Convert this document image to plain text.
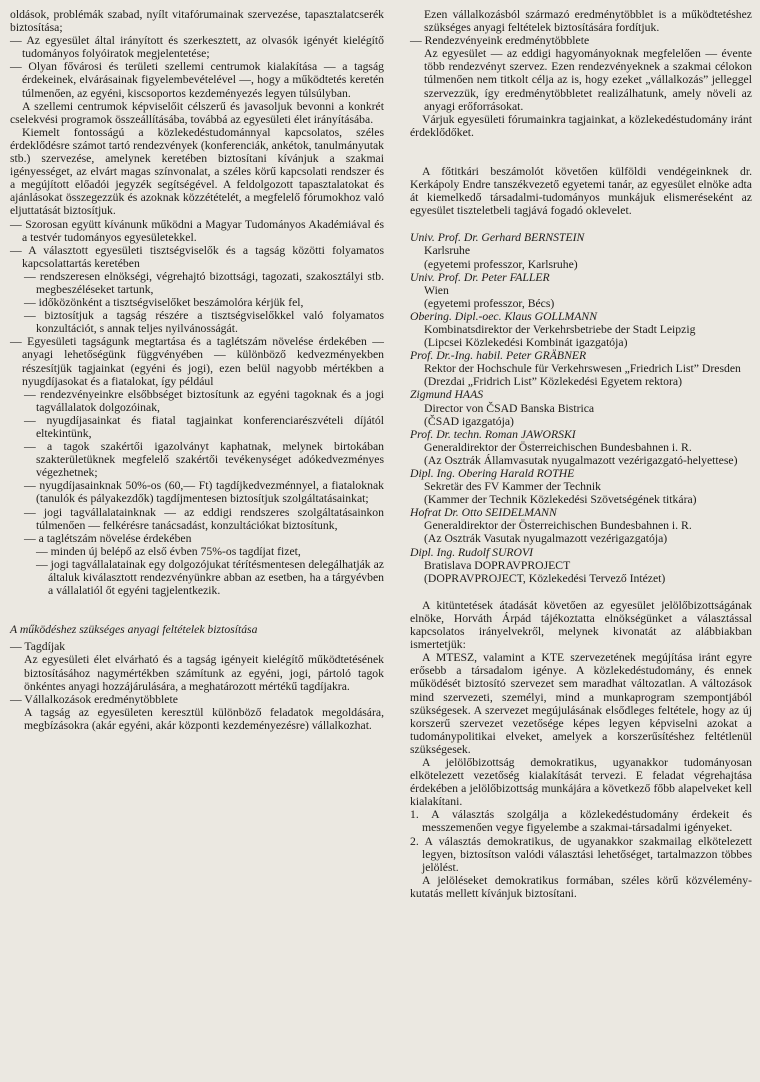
oldások, problémák szabad, nyílt vitafórumainak szervezése, tapasztalatcserék biztosítása;

— Az egyesület által irányított és szerkesztett, az olvasók igényét kielégítő tudományos folyóiratok megjelentetése;

— Olyan fővárosi és területi szellemi centrumok kialakítása — a tagság érdekeinek, elvárásainak figyelembevételével —, hogy a működtetés keretén túlmenően, az egyéni, kiscsoportos kezdeményezés legyen túlsúlyban.

A szellemi centrumok képviselőit célszerű és javasoljuk bevonni a konkrét cselekvési programok összeállításába, továbbá az egyesületi élet irányításába.

Kiemelt fontosságú a közlekedéstudománnyal kapcsolatos, széles érdeklődésre számot tartó rendezvények (konferenciák, ankétok, tanulmányutak stb.) szervezése, amelynek keretében biztosítani kívánjuk a szakmai igényességet, az elvárt magas színvonalat, a széles körű kapcsolati rendszer és a megújított előadói jegyzék segítségével. A feldolgozott tapasztalatokat és ajánlásokat összegezzük és azoknak közzétételét, a megfelelő fórumokhoz való eljuttatását biztosítjuk.

— Szorosan együtt kívánunk működni a Magyar Tudományos Akadémiával és a testvér tudományos egyesületekkel.

— A választott egyesületi tisztségviselők és a tagság közötti folyamatos kapcsolattartás keretében

— rendszeresen elnökségi, végrehajtó bizottsági, tagozati, szakosztályi stb. megbeszéléseket tartunk,

— időközönként a tisztségviselőket beszámolóra kérjük fel,

— biztosítjuk a tagság részére a tisztségviselőkkel való folyamatos konzultációt, s annak teljes nyilvánosságát.

— Egyesületi tagságunk megtartása és a taglétszám növelése érdekében — anyagi lehetőségünk függvényében — különböző kedvezményekben részesítjük tagjainkat (egyéni és jogi), ezen belül nagyobb mértékben a nyugdíjasokat és a fiatalokat, így például

— rendezvényeinkre elsőbbséget biztosítunk az egyéni tagoknak és a jogi tagvállalatok dolgozóinak,

— nyugdíjasainkat és fiatal tagjainkat konferenciarészvételi díjától eltekintünk,

— a tagok szakértői igazolványt kaphatnak, melynek birtokában szakterületüknek megfelelő szakértői tevékenységet adókedvezményes végezhetnek;

— nyugdíjasainknak 50%-os (60,— Ft) tagdíjkedvezménnyel, a fiataloknak (tanulók és pályakezdők) tagdíjmentesen biztosítjuk szolgáltatásainkat;

— jogi tagvállalatainknak — az eddigi rendszeres szolgáltatásainkon túlmenően — felkérésre tanácsadást, konzultációkat biztosítunk,

— a taglétszám növelése érdekében

— minden új belépő az első évben 75%-os tagdíjat fizet,

— jogi tagvállalatainak egy dolgozójukat térítésmentesen delegálhatják az általuk kiválasztott rendezvényünkre abban az esetben, ha a tárgyévben a vállalatiól őt egyéni tagjelentkezik.

A működéshez szükséges anyagi feltételek biztosítása

— Tagdíjak

Az egyesületi élet elvárható és a tagság igényeit kielégítő működtetésének biztosításához nagymértékben számítunk az egyéni, jogi, pártoló tagok önkéntes anyagi hozzájárulására, a meghatározott mértékű tagdíjakra.

— Vállalkozások eredménytöbblete

A tagság az egyesületen keresztül különböző feladatok megoldására, megbízásokra (akár egyéni, akár központi kezdeményezésre) vállalkozhat.

Ezen vállalkozásból származó eredménytöbblet is a működtetéshez szükséges anyagi feltételek biztosítására fordítjuk.

— Rendezvényeink eredménytöbblete

Az egyesület — az eddigi hagyományoknak megfelelően — évente több rendezvényt szervez. Ezen rendezvényeknek a szakmai célokon túlmenően nem titkolt célja az is, hogy ezeket „vállalkozás” jelleggel szervezzük, így eredménytöbbletet realizálhatunk, amely növeli az anyagi erőforrásokat.

Várjuk egyesületi fórumainkra tagjainkat, a közlekedéstudomány iránt érdeklődőket.

A főtitkári beszámolót követően külföldi vendégeinknek dr. Kerkápoly Endre tanszékvezető egyetemi tanár, az egyesület elnöke adta át kiemelkedő társadalmi-tudományos munkájuk elismeréseként az egyesület tiszteletbeli tagjává fogadó oklevelet.

Univ. Prof. Dr. Gerhard BERNSTEIN

Karlsruhe

(egyetemi professzor, Karlsruhe)

Univ. Prof. Dr. Peter FALLER

Wien

(egyetemi professzor, Bécs)

Obering. Dipl.-oec. Klaus GOLLMANN

Kombinatsdirektor der Verkehrsbetriebe der Stadt Leipzig

(Lipcsei Közlekedési Kombinát igazgatója)

Prof. Dr.-Ing. habil. Peter GRÄBNER

Rektor der Hochschule für Verkehrswesen „Friedrich List” Dresden

(Drezdai „Fridrich List” Közlekedési Egyetem rektora)

Zigmund HAAS

Director von ČSAD Banska Bistrica

(ČSAD igazgatója)

Prof. Dr. techn. Roman JAWORSKI

Generaldirektor der Österreichischen Bundesbahnen i. R.

(Az Osztrák Államvasutak nyugalmazott vezérigazgató-helyettese)

Dipl. Ing. Obering Harald ROTHE

Sekretär des FV Kammer der Technik

(Kammer der Technik Közlekedési Szövetségének titkára)

Hofrat Dr. Otto SEIDELMANN

Generaldirektor der Österreichischen Bundesbahnen i. R.

(Az Osztrák Vasutak nyugalmazott vezérigazgatója)

Dipl. Ing. Rudolf SUROVI

Bratislava DOPRAVPROJECT

(DOPRAVPROJECT, Közlekedési Tervező Intézet)

A kitüntetések átadását követően az egyesület jelölőbizottságának elnöke, Horváth Árpád tájékoztatta elnökségünket a választással kapcsolatos irányelvekről, melynek kivonatát az alábbiakban ismertetjük:

A MTESZ, valamint a KTE szervezetének megújítása iránt egyre erősebb a társadalom igénye. A közlekedéstudomány, és ennek működését biztosító szervezet sem maradhat változatlan. A változások mind szervezeti, személyi, mind a munkaprogram szempontjából szükségesek. A szervezet megújulásának elsődleges feltétele, hogy az új korszerű szervezet vezetősége képes legyen képviselni azokat a tudománypolitikai elveket, amelyek a korszerűsítéshez feltétlenül szükségesek.

A jelölőbizottság demokratikus, ugyanakkor tudományosan elkötelezett vezetőség kialakítását tervezi. E feladat végrehajtása érdekében a jelölőbizottság munkájára a következő főbb alapelveket kell kialakítani.

1. A választás szolgálja a közlekedéstudomány érdekeit és messzemenően vegye figyelembe a szakmai-társadalmi igényeket.

2. A választás demokratikus, de ugyanakkor szakmailag elkötelezett legyen, biztosítson valódi választási lehetőséget, tartalmazzon többes jelölést.

A jelöléseket demokratikus formában, széles körű közvélemény-kutatás mellett kívánjuk biztosítani.
